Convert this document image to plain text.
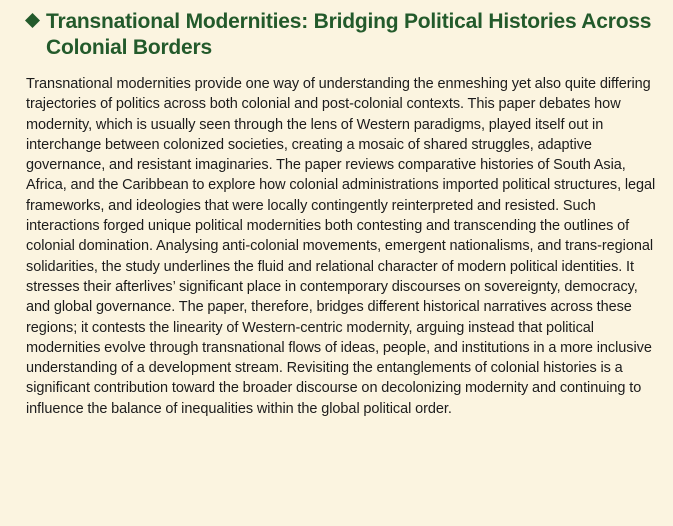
Transnational Modernities: Bridging Political Histories Across Colonial Borders

Transnational modernities provide one way of understanding the enmeshing yet also quite differing trajectories of politics across both colonial and post-colonial contexts. This paper debates how modernity, which is usually seen through the lens of Western paradigms, played itself out in interchange between colonized societies, creating a mosaic of shared struggles, adaptive governance, and resistant imaginaries. The paper reviews comparative histories of South Asia, Africa, and the Caribbean to explore how colonial administrations imported political structures, legal frameworks, and ideologies that were locally contingently reinterpreted and resisted. Such interactions forged unique political modernities both contesting and transcending the outlines of colonial domination. Analysing anti-colonial movements, emergent nationalisms, and trans-regional solidarities, the study underlines the fluid and relational character of modern political identities. It stresses their afterlives’ significant place in contemporary discourses on sovereignty, democracy, and global governance. The paper, therefore, bridges different historical narratives across these regions; it contests the linearity of Western-centric modernity, arguing instead that political modernities evolve through transnational flows of ideas, people, and institutions in a more inclusive understanding of a development stream. Revisiting the entanglements of colonial histories is a significant contribution toward the broader discourse on decolonizing modernity and continuing to influence the balance of inequalities within the global political order.
